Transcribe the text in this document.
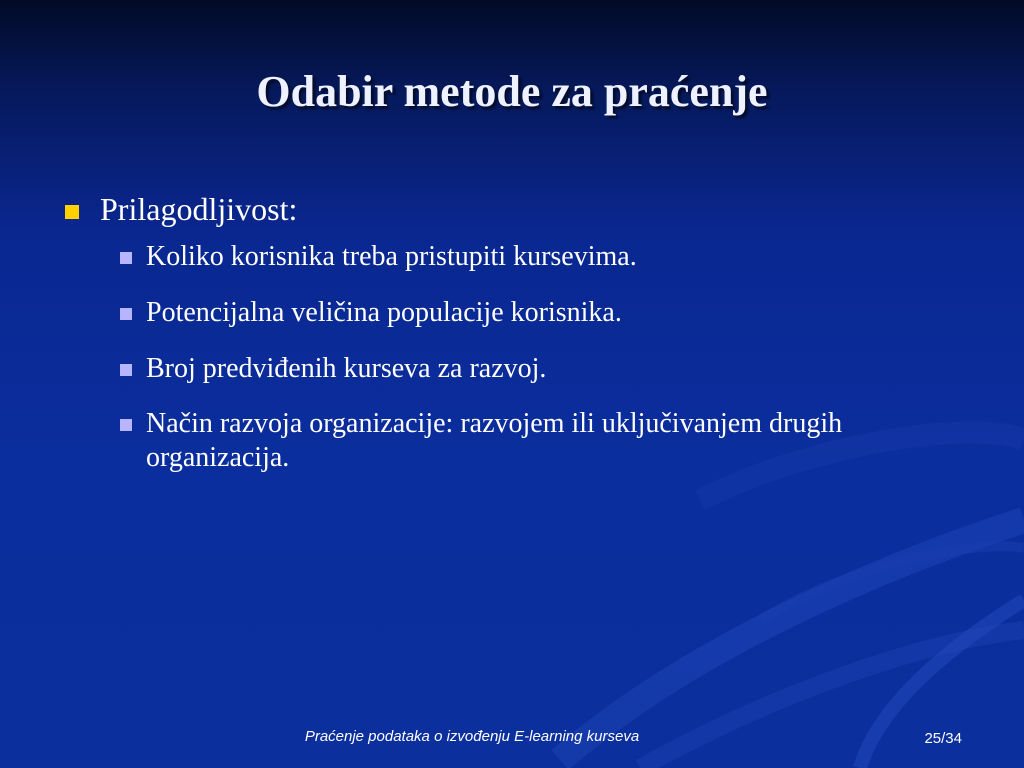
Odabir metode za praćenje
Prilagodljivost:
Koliko korisnika treba pristupiti kursevima.
Potencijalna veličina populacije korisnika.
Broj predviđenih kurseva za razvoj.
Način razvoja organizacije: razvojem ili uključivanjem drugih organizacija.
Praćenje podataka o izvođenju E-learning kurseva	25/34
